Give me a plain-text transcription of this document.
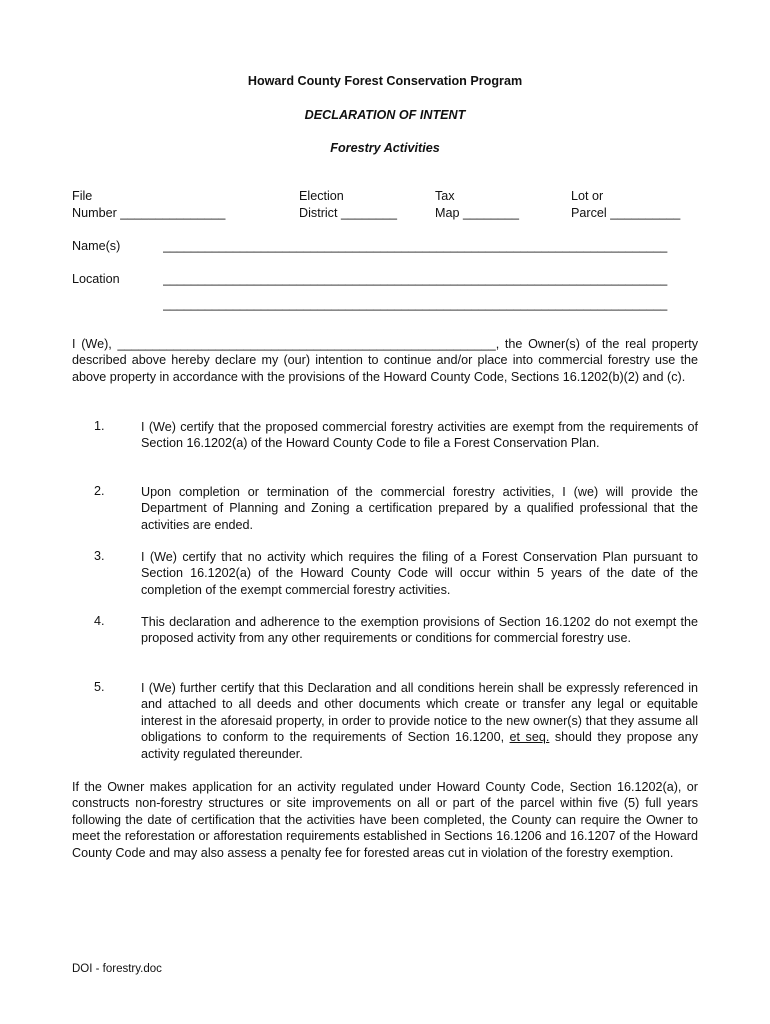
Howard County Forest Conservation Program
DECLARATION OF INTENT
Forestry Activities
File
Number _______________
Election
District ________
Tax
Map ________
Lot or
Parcel __________
Name(s)	________________________________________________________________________
Location	________________________________________________________________________
________________________________________________________________________
I (We), ______________________________________________________, the Owner(s) of the real property described above hereby declare my (our) intention to continue and/or place into commercial forestry use the above property in accordance with the provisions of the Howard County Code, Sections 16.1202(b)(2) and (c).
1.	I (We) certify that the proposed commercial forestry activities are exempt from the requirements of Section 16.1202(a) of the Howard County Code to file a Forest Conservation Plan.
2.	Upon completion or termination of the commercial forestry activities, I (we) will provide the Department of Planning and Zoning a certification prepared by a qualified professional that the activities are ended.
3.	I (We) certify that no activity which requires the filing of a Forest Conservation Plan pursuant to Section 16.1202(a) of the Howard County Code will occur within 5 years of the date of the completion of the exempt commercial forestry activities.
4.	This declaration and adherence to the exemption provisions of Section 16.1202 do not exempt the proposed activity from any other requirements or conditions for commercial forestry use.
5.	I (We) further certify that this Declaration and all conditions herein shall be expressly referenced in and attached to all deeds and other documents which create or transfer any legal or equitable interest in the aforesaid property, in order to provide notice to the new owner(s) that they assume all obligations to conform to the requirements of Section 16.1200, et seq. should they propose any activity regulated thereunder.
If the Owner makes application for an activity regulated under Howard County Code, Section 16.1202(a), or constructs non-forestry structures or site improvements on all or part of the parcel within five (5) full years following the date of certification that the activities have been completed, the County can require the Owner to meet the reforestation or afforestation requirements established in Sections 16.1206 and 16.1207 of the Howard County Code and may also assess a penalty fee for forested areas cut in violation of the forestry exemption.
DOI - forestry.doc
